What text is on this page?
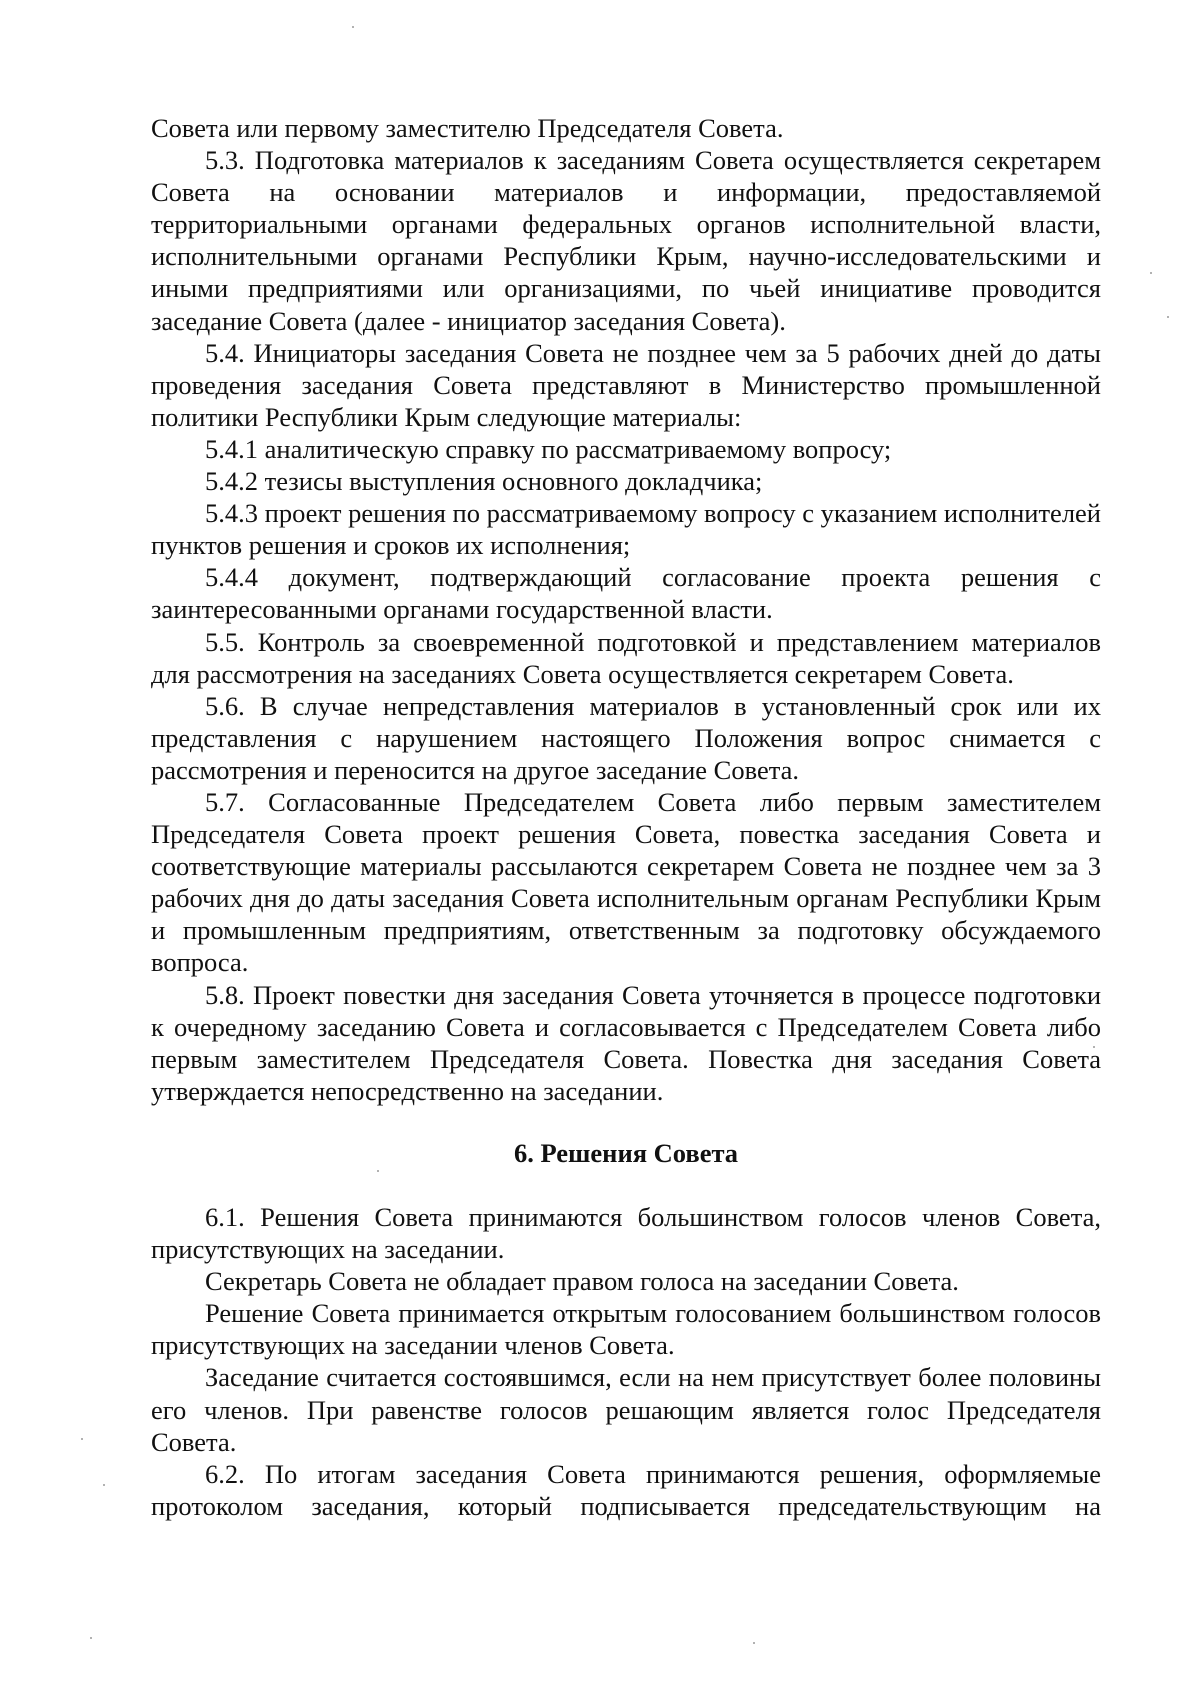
Совета или первому заместителю Председателя Совета.

5.3. Подготовка материалов к заседаниям Совета осуществляется секретарем Совета на основании материалов и информации, предоставляемой территориальными органами федеральных органов исполнительной власти, исполнительными органами Республики Крым, научно-исследовательскими и иными предприятиями или организациями, по чьей инициативе проводится заседание Совета (далее - инициатор заседания Совета).

5.4. Инициаторы заседания Совета не позднее чем за 5 рабочих дней до даты проведения заседания Совета представляют в Министерство промышленной политики Республики Крым следующие материалы:

5.4.1 аналитическую справку по рассматриваемому вопросу;

5.4.2 тезисы выступления основного докладчика;

5.4.3 проект решения по рассматриваемому вопросу с указанием исполнителей пунктов решения и сроков их исполнения;

5.4.4 документ, подтверждающий согласование проекта решения с заинтересованными органами государственной власти.

5.5. Контроль за своевременной подготовкой и представлением материалов для рассмотрения на заседаниях Совета осуществляется секретарем Совета.

5.6. В случае непредставления материалов в установленный срок или их представления с нарушением настоящего Положения вопрос снимается с рассмотрения и переносится на другое заседание Совета.

5.7. Согласованные Председателем Совета либо первым заместителем Председателя Совета проект решения Совета, повестка заседания Совета и соответствующие материалы рассылаются секретарем Совета не позднее чем за 3 рабочих дня до даты заседания Совета исполнительным органам Республики Крым и промышленным предприятиям, ответственным за подготовку обсуждаемого вопроса.

5.8. Проект повестки дня заседания Совета уточняется в процессе подготовки к очередному заседанию Совета и согласовывается с Председателем Совета либо первым заместителем Председателя Совета. Повестка дня заседания Совета утверждается непосредственно на заседании.

6. Решения Совета

6.1. Решения Совета принимаются большинством голосов членов Совета, присутствующих на заседании.

Секретарь Совета не обладает правом голоса на заседании Совета.

Решение Совета принимается открытым голосованием большинством голосов присутствующих на заседании членов Совета.

Заседание считается состоявшимся, если на нем присутствует более половины его членов. При равенстве голосов решающим является голос Председателя Совета.

6.2. По итогам заседания Совета принимаются решения, оформляемые протоколом заседания, который подписывается председательствующим на
